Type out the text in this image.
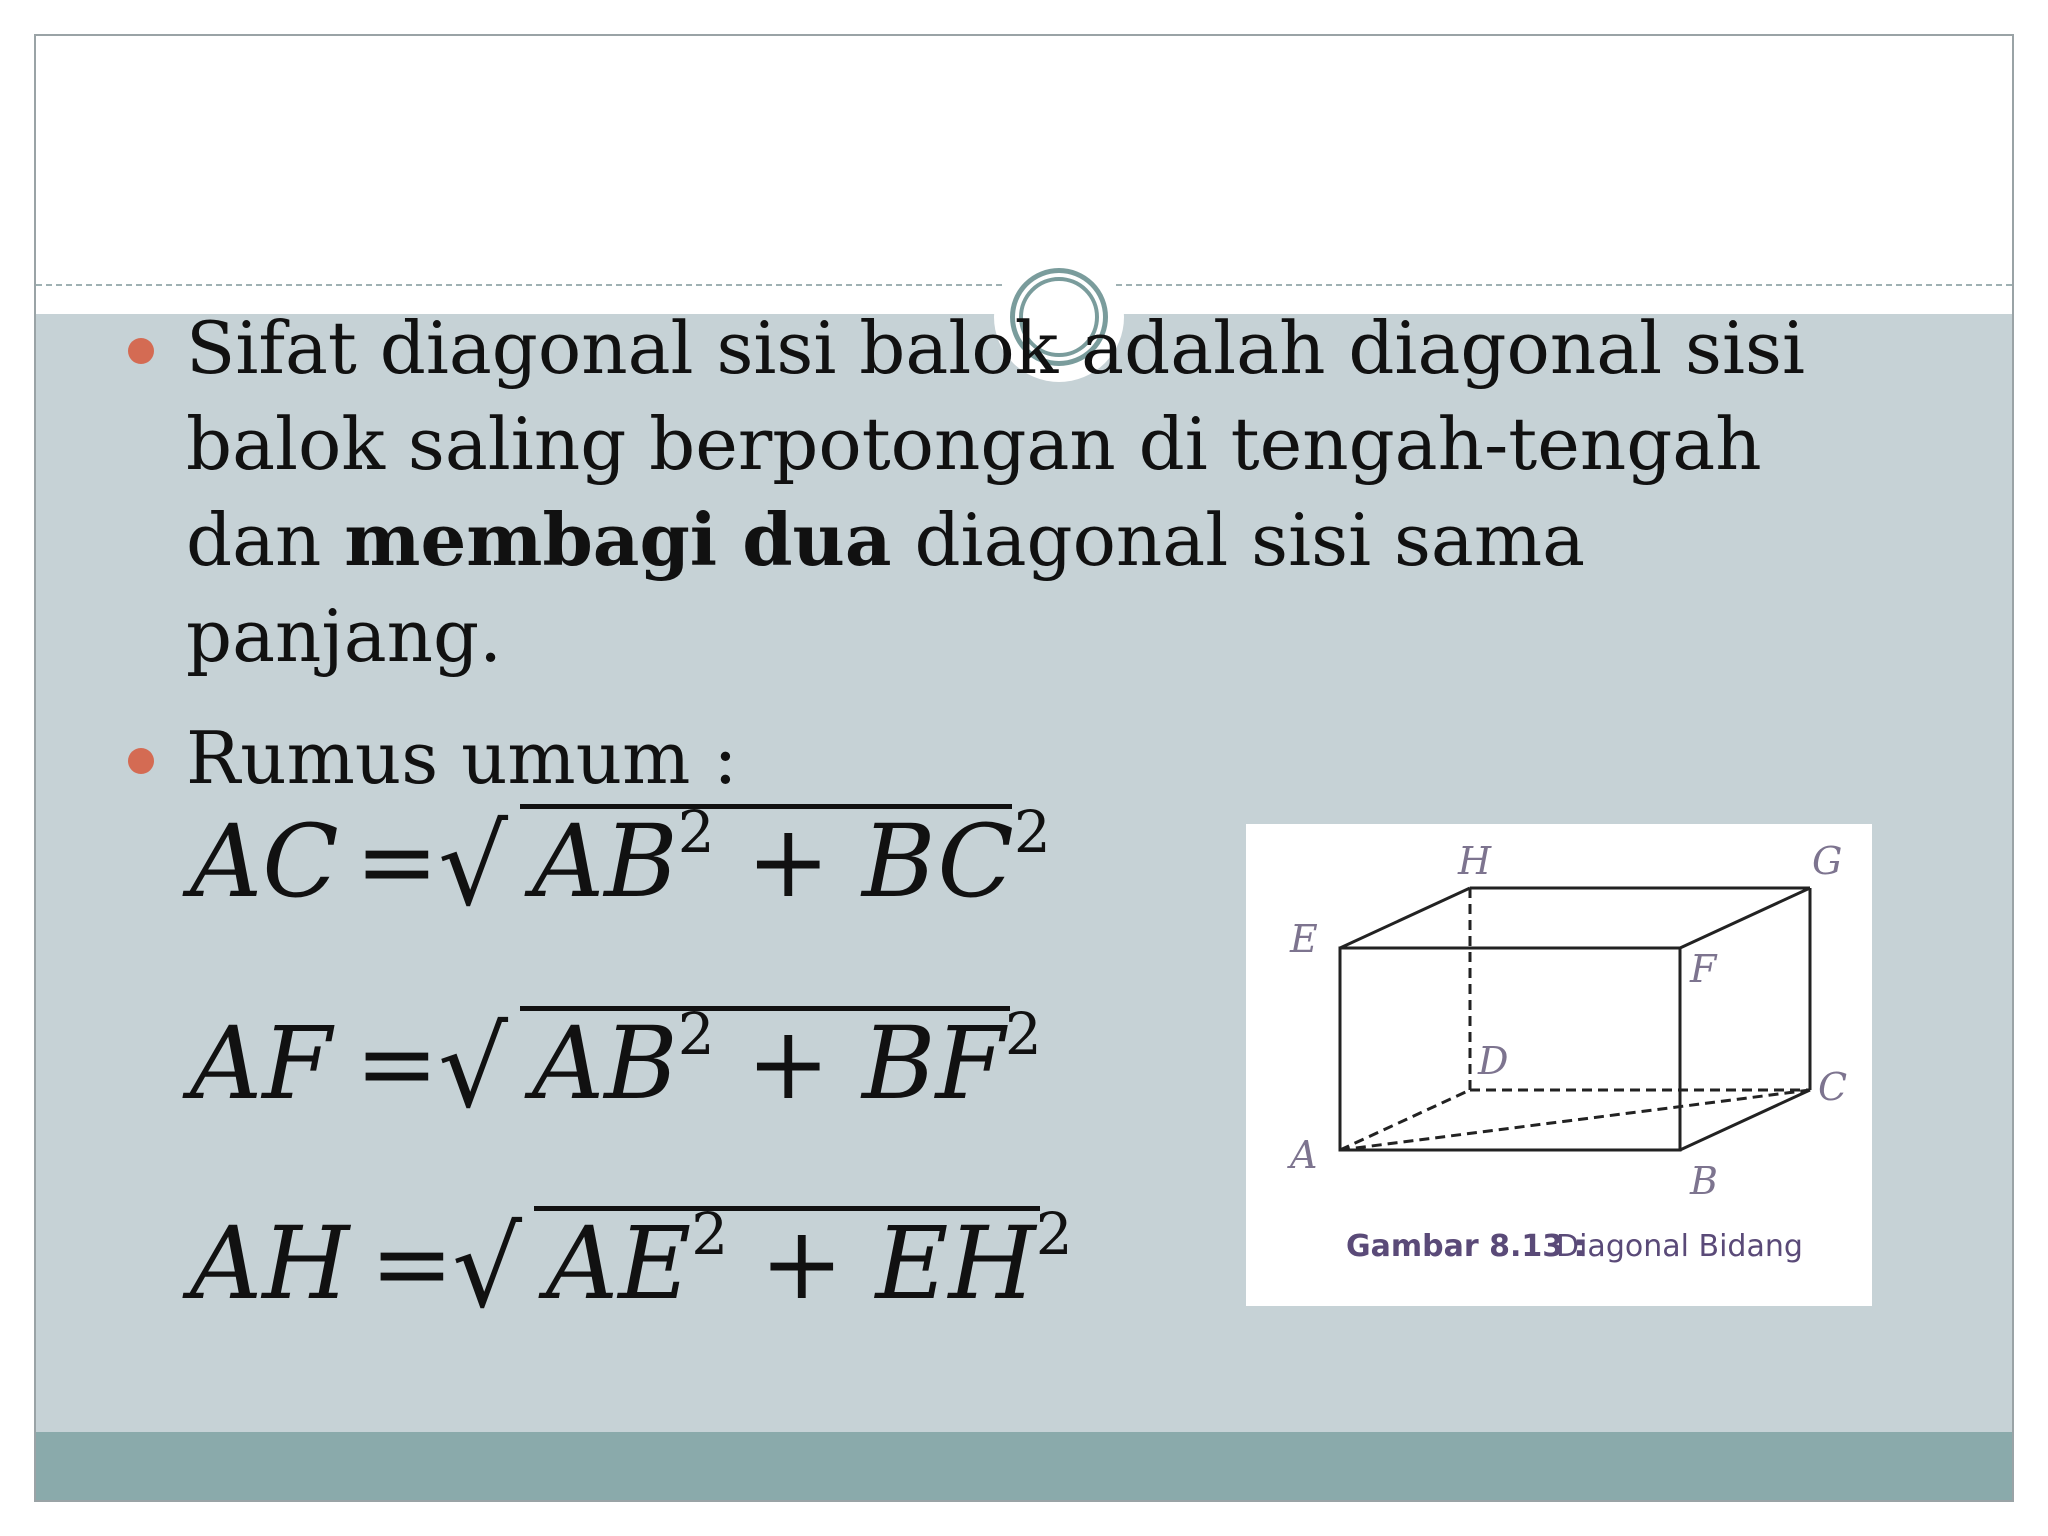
Sifat diagonal sisi balok adalah diagonal sisi balok saling berpotongan di tengah-tengah dan membagi dua diagonal sisi sama panjang.
Rumus umum :
AC = √ $AB^2 + BC^2$
AF = √ $AB^2 + BF^2$
AH =
√ $AE^2 + EH^2$
A
B
C
D
E
F
G
H
Gambar 8.13 :
Diagonal Bidang
